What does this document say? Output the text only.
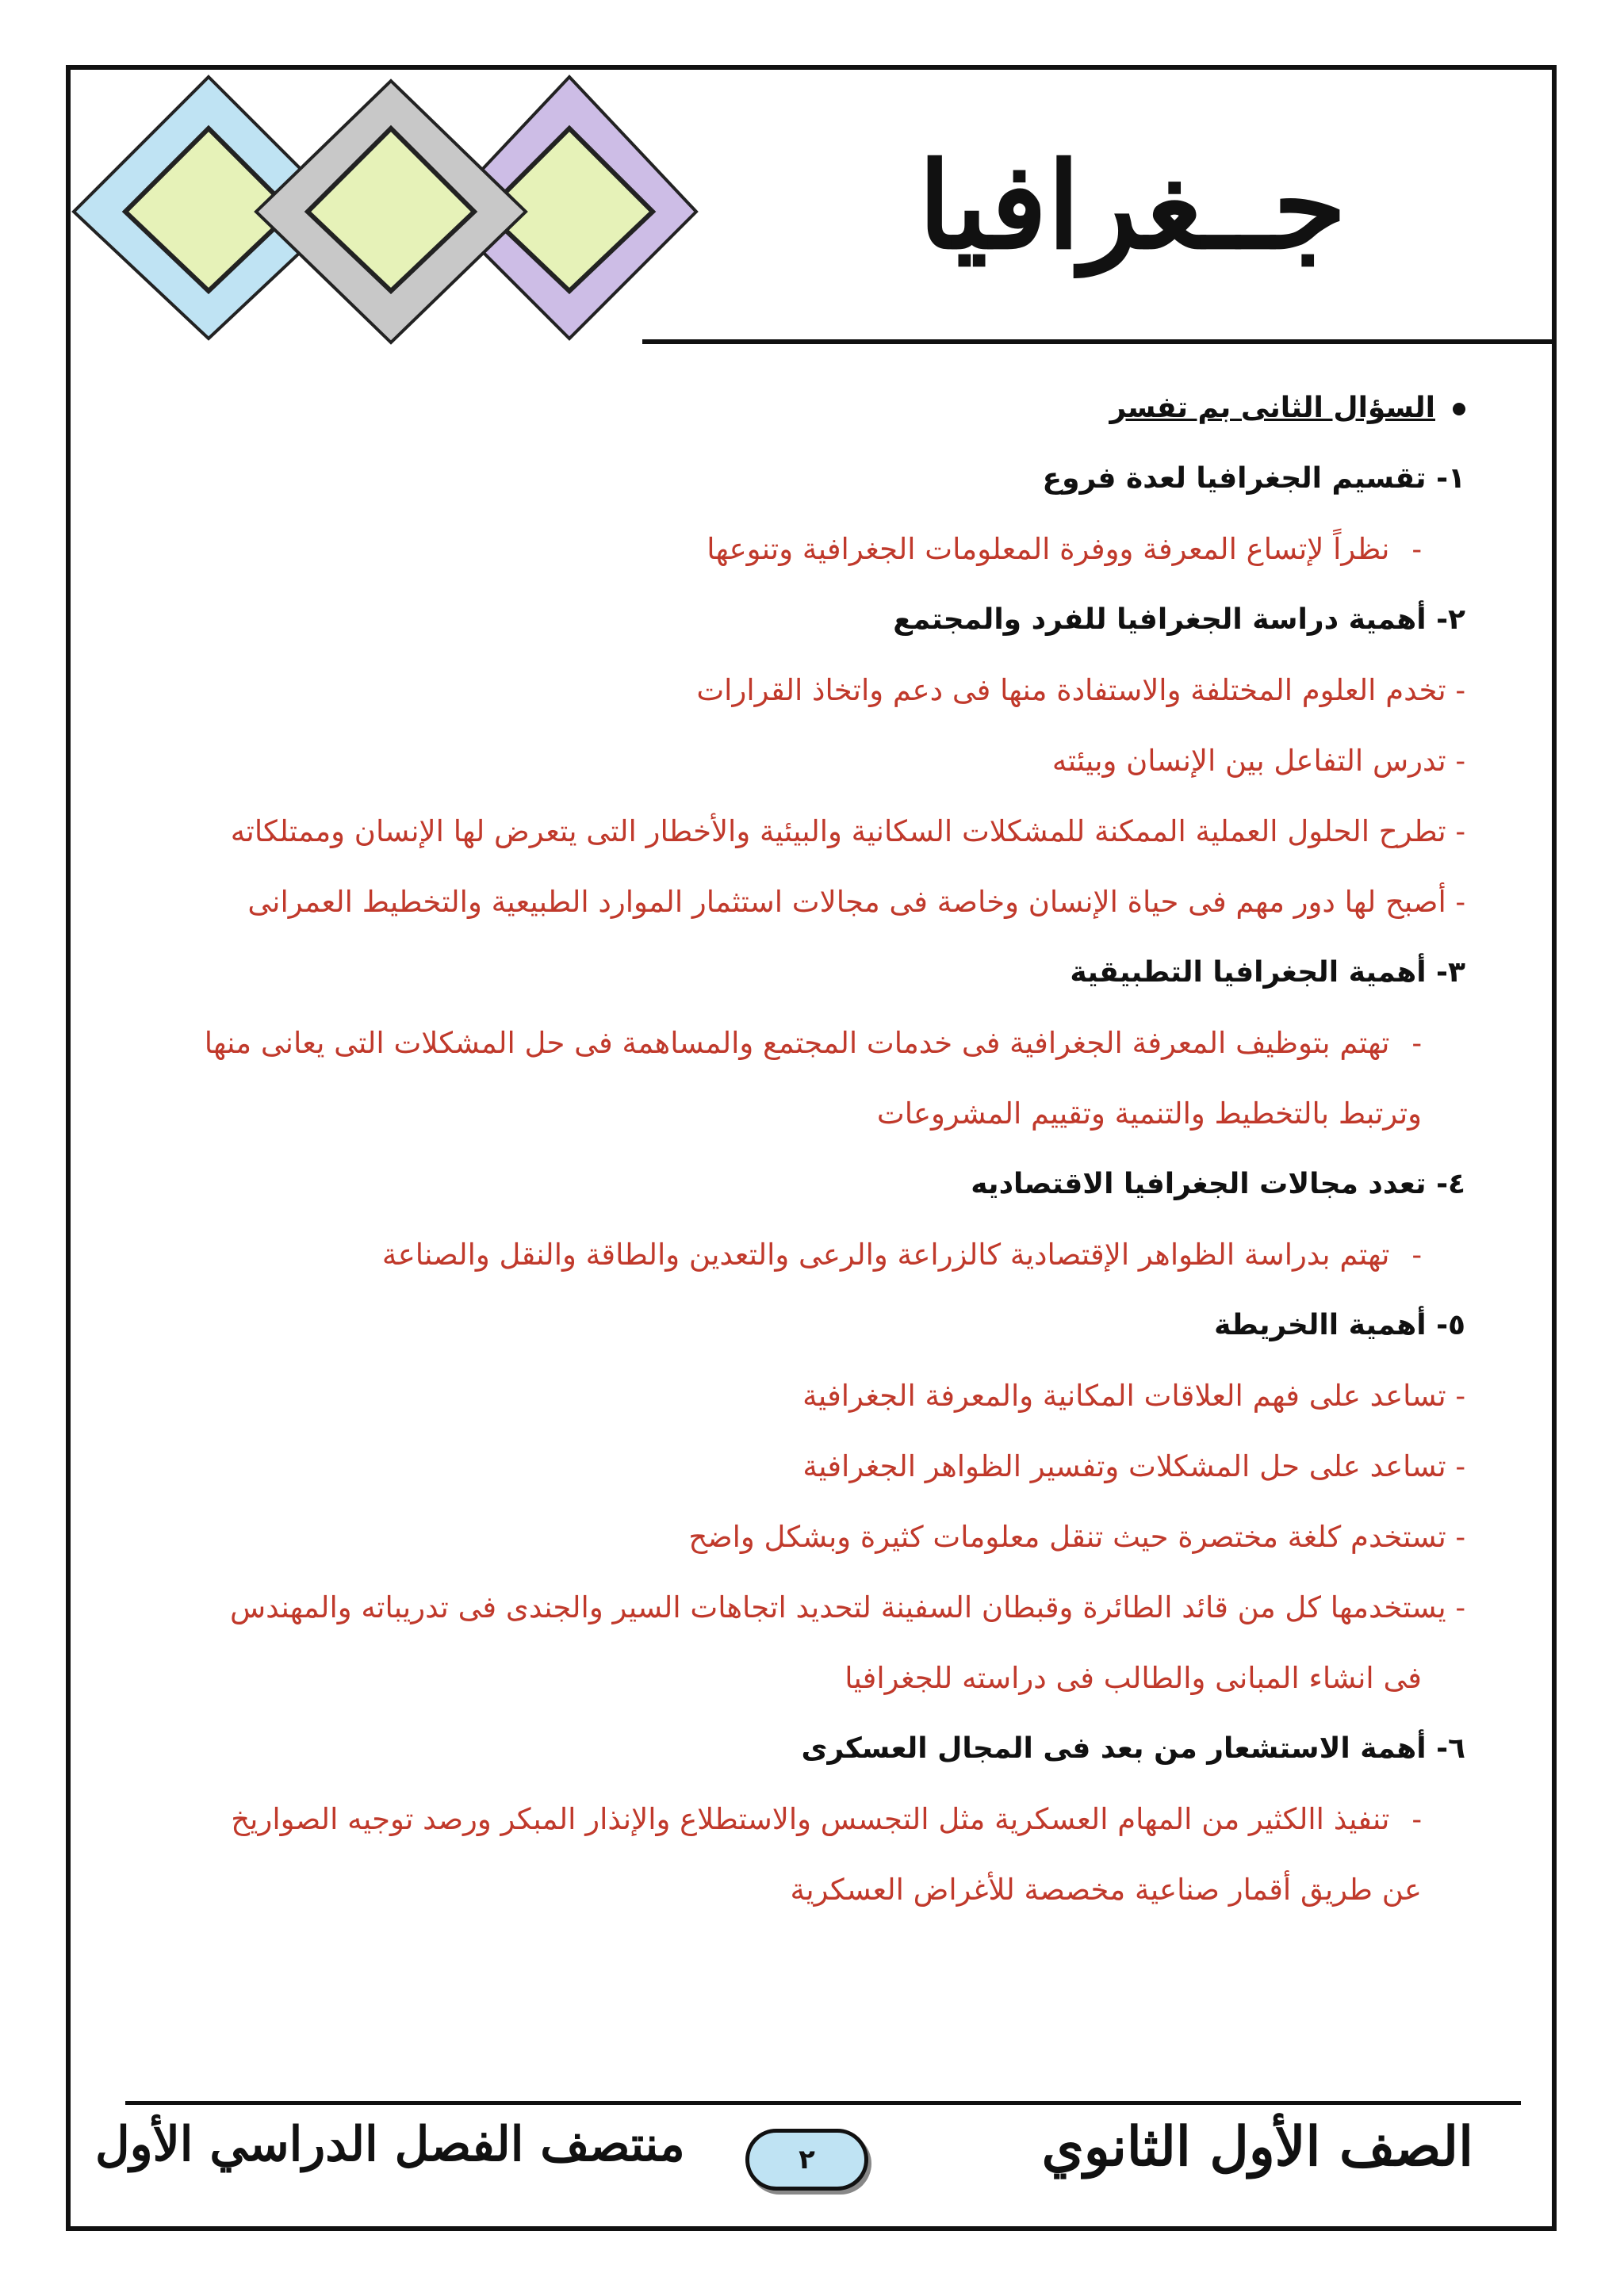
جــغرافيا
السؤال الثانى بم تفسر
١- تقسيم الجغرافيا لعدة فروع
-نظراً لإتساع المعرفة ووفرة المعلومات الجغرافية وتنوعها
٢- أهمية دراسة الجغرافيا للفرد والمجتمع
- تخدم العلوم المختلفة والاستفادة منها فى دعم واتخاذ القرارات
- تدرس التفاعل بين الإنسان وبيئته
- تطرح الحلول العملية الممكنة للمشكلات السكانية والبيئية والأخطار التى يتعرض لها الإنسان وممتلكاته
- أصبح لها دور مهم فى حياة الإنسان وخاصة فى مجالات استثمار الموارد الطبيعية والتخطيط العمرانى
٣- أهمية الجغرافيا التطبيقية
-تهتم بتوظيف المعرفة الجغرافية فى خدمات المجتمع والمساهمة فى حل المشكلات التى يعانى منها
وترتبط بالتخطيط والتنمية وتقييم المشروعات
٤- تعدد مجالات الجغرافيا الاقتصاديه
-تهتم بدراسة الظواهر الإقتصادية كالزراعة والرعى والتعدين والطاقة والنقل والصناعة
٥- أهمية االخريطة
- تساعد على فهم العلاقات المكانية والمعرفة الجغرافية
- تساعد على حل المشكلات وتفسير الظواهر الجغرافية
- تستخدم كلغة مختصرة حيث تنقل معلومات كثيرة وبشكل واضح
- يستخدمها كل من قائد الطائرة وقبطان السفينة لتحديد اتجاهات السير والجندى فى تدريباته والمهندس
فى انشاء المبانى والطالب فى دراسته للجغرافيا
٦- أهمة الاستشعار من بعد فى المجال العسكرى
-تنفيذ االكثير من المهام العسكرية مثل التجسس والاستطلاع والإنذار المبكر ورصد توجيه الصواريخ
عن طريق أقمار صناعية مخصصة للأغراض العسكرية
الصف الأول الثانوي
٢
منتصف الفصل الدراسي الأول
